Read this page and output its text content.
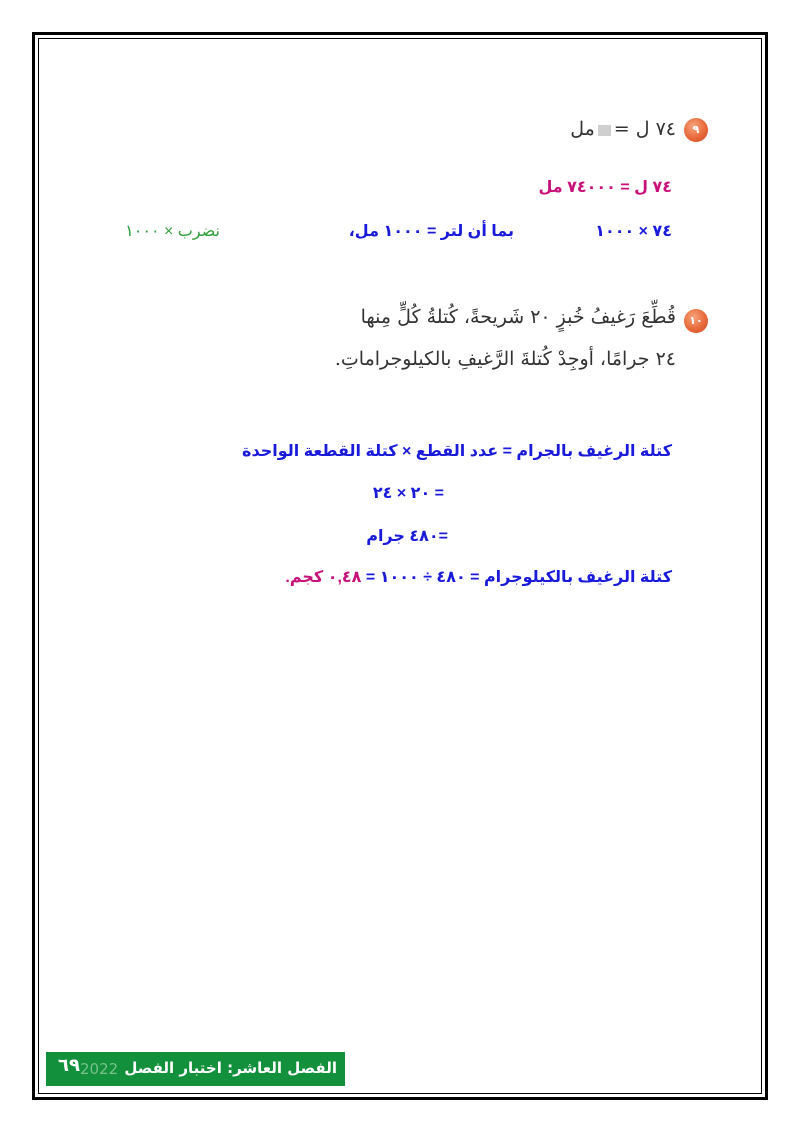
٩
٧٤ ل =مل
٧٤ ل = ٧٤٠٠٠ مل
٧٤ × ١٠٠٠
بما أن لتر = ١٠٠٠ مل،
نضرب × ١٠٠٠
١٠
قُطِّعَ رَغيفُ خُبزٍ ٢٠ شَريحةً، كُتلةُ كُلٍّ مِنها
٢٤ جرامًا، أوجِدْ كُتلةَ الرَّغيفِ بالكيلوجراماتِ.
كتلة الرغيف بالجرام = عدد القطع × كتلة القطعة الواحدة
= ٢٠ × ٢٤
=٤٨٠ جرام
كتلة الرغيف بالكيلوجرام = ٤٨٠ ÷ ١٠٠٠ = ٠,٤٨ كجم.
الفصل العاشر: اختبار الفصل
2022
٦٩
